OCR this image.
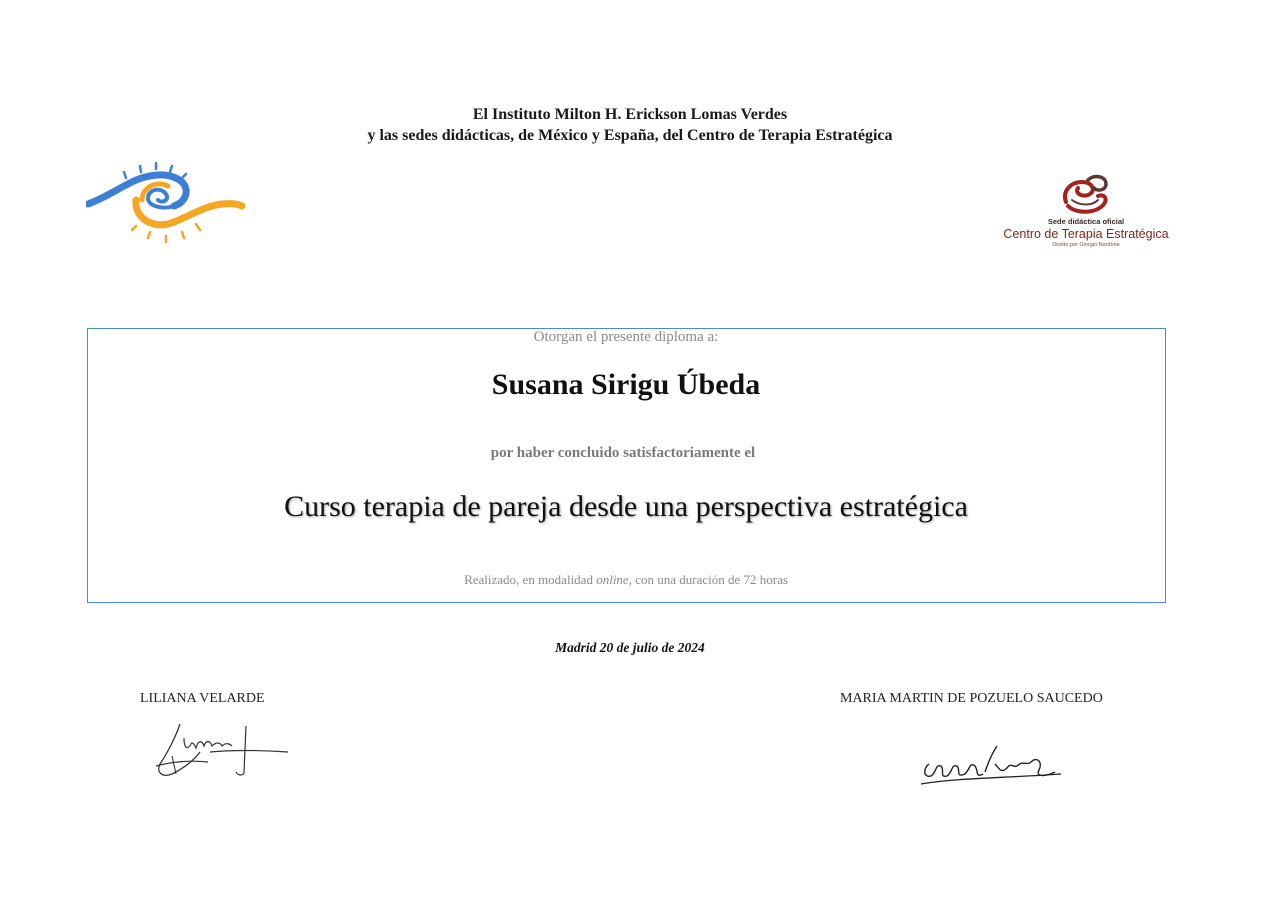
El Instituto Milton H. Erickson Lomas Verdes
y las sedes didácticas, de México y España, del Centro de Terapia Estratégica
Sede didáctica oficial
Centro de Terapia Estratégica
Diretto por Giorgio Nardone
Otorgan el presente diploma a:
Susana Sirigu Úbeda
por haber concluido satisfactoriamente el
Curso terapia de pareja desde una perspectiva estratégica
Realizado, en modalidad online, con una duración de 72 horas
Madrid 20 de julio de 2024
LILIANA VELARDE	MARIA MARTIN DE POZUELO SAUCEDO
